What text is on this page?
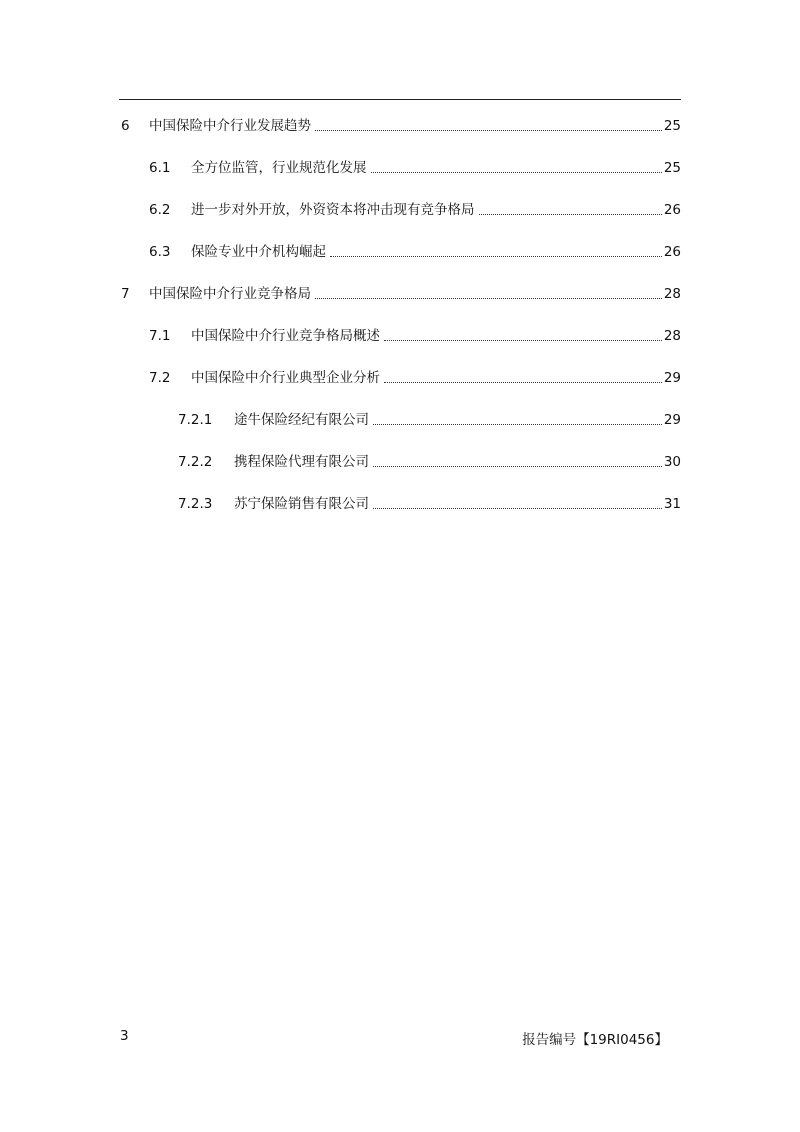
6 中国保险中介行业发展趋势	25
6.1 全方位监管，行业规范化发展	25
6.2 进一步对外开放，外资资本将冲击现有竞争格局	26
6.3 保险专业中介机构崛起	26
7 中国保险中介行业竞争格局	28
7.1 中国保险中介行业竞争格局概述	28
7.2 中国保险中介行业典型企业分析	29
7.2.1 途牛保险经纪有限公司	29
7.2.2 携程保险代理有限公司	30
7.2.3 苏宁保险销售有限公司	31
3	报告编号【19RI0456】
